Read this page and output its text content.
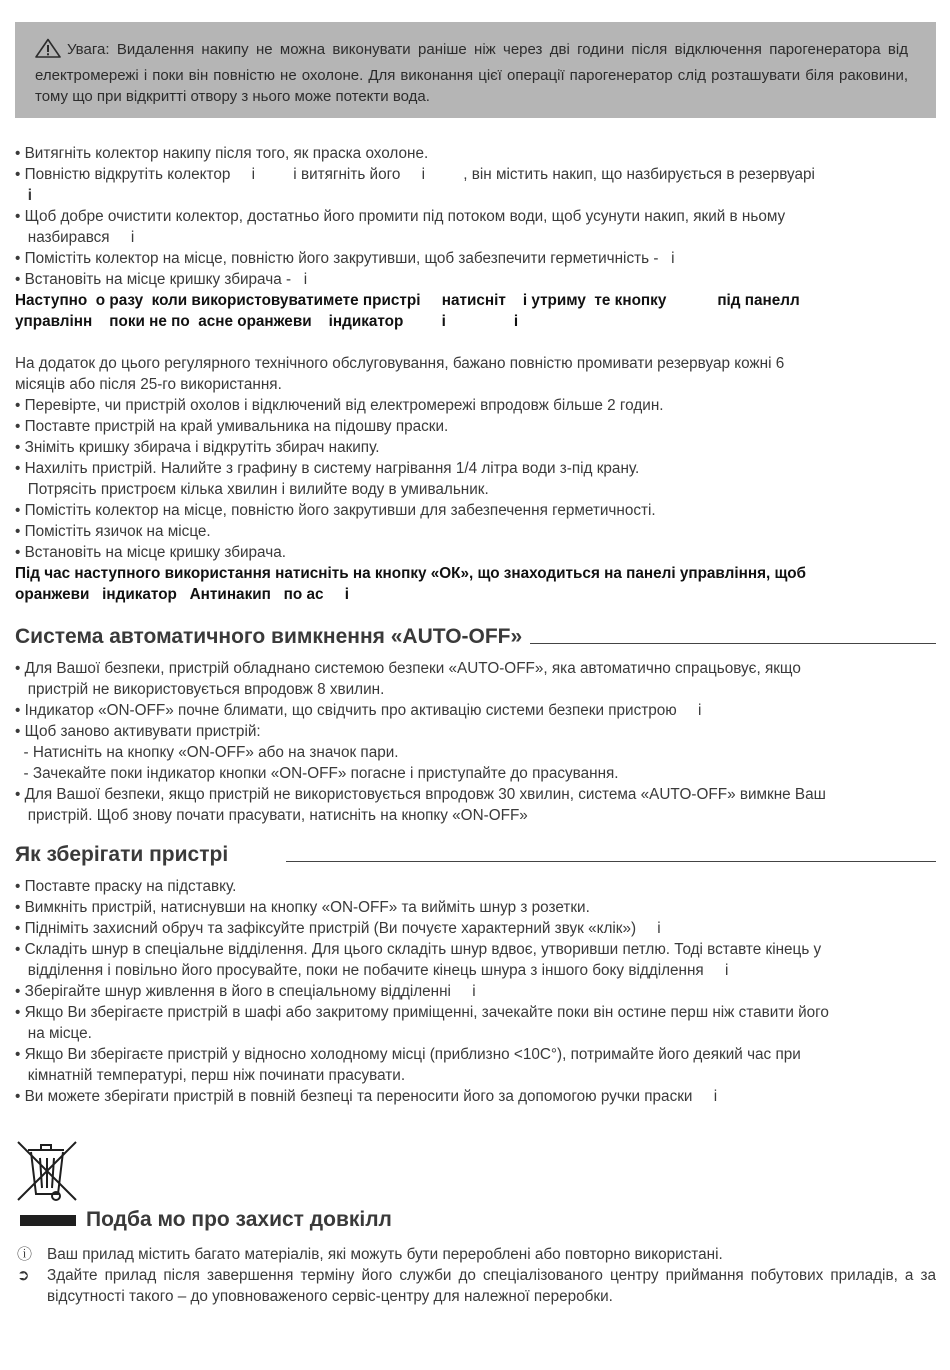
Увага: Видалення накипу не можна виконувати раніше ніж через дві години після відключення парогенератора від електромережі і поки він повністю не охолоне. Для виконання цієї операції парогенератор слід розташувати біля раковини, тому що при відкритті отвору з нього може потекти вода.
• Витягніть колектор накипу після того, як праска охолоне.
• Повністю відкрутіть колектор     і         і витягніть його     і         , він містить накип, що назбирується в резервуарі
і
• Щоб добре очистити колектор, достатньо його промити під потоком води, щоб усунути накип, який в ньому
назбирався     і
• Помістіть колектор на місце, повністю його закрутивши, щоб забезпечити герметичність -   і
• Встановіть на місце кришку збирача -   і
Наступно  о разу  коли використовуватимете пристрі     натисніт    і утриму  те кнопку            під панелл
управлінн    поки не по  асне оранжеви    індикатор         і                і
На додаток до цього регулярного технічного обслуговування, бажано повністю промивати резервуар кожні 6
місяців або після 25-го використання.
• Перевірте, чи пристрій охолов і відключений від електромережі впродовж більше 2 годин.
• Поставте пристрій на край умивальника на підошву праски.
• Зніміть кришку збирача і відкрутіть збирач накипу.
• Нахиліть пристрій. Налийте з графину в систему нагрівання 1/4 літра води з-під крану.
Потрясіть пристроєм кілька хвилин і вилийте воду в умивальник.
• Помістіть колектор на місце, повністю його закрутивши для забезпечення герметичності.
• Помістіть язичок на місце.
• Встановіть на місце кришку збирача.
Під час наступного використання натисніть на кнопку «ОК», що знаходиться на панелі управління, щоб
оранжеви   індикатор   Антинакип   по ас     і
Система автоматичного вимкнення «AUTO-OFF»
• Для Вашої безпеки, пристрій обладнано системою безпеки «AUTO-OFF», яка автоматично спрацьовує, якщо
пристрій не використовується впродовж 8 хвилин.
• Індикатор «ON-OFF» почне блимати, що свідчить про активацію системи безпеки пристрою     і
• Щоб заново активувати пристрій:
- Натисніть на кнопку «ON-OFF» або на значок пари.
- Зачекайте поки індикатор кнопки «ON-OFF» погасне і приступайте до прасування.
• Для Вашої безпеки, якщо пристрій не використовується впродовж 30 хвилин, система «AUTO-OFF» вимкне Ваш
пристрій. Щоб знову почати прасувати, натисніть на кнопку «ON-OFF»
Як зберігати пристрі
• Поставте праску на підставку.
• Вимкніть пристрій, натиснувши на кнопку «ON-OFF» та вийміть шнур з розетки.
• Підніміть захисний обруч та зафіксуйте пристрій (Ви почуєте характерний звук «клік»)     і
• Складіть шнур в спеціальне відділення. Для цього складіть шнур вдвоє, утворивши петлю. Тоді вставте кінець у
відділення і повільно його просувайте, поки не побачите кінець шнура з іншого боку відділення     і
• Зберігайте шнур живлення в його в спеціальному відділенні     і
• Якщо Ви зберігаєте пристрій в шафі або закритому приміщенні, зачекайте поки він остине перш ніж ставити його
на місце.
• Якщо Ви зберігаєте пристрій у відносно холодному місці (приблизно <10С°), потримайте його деякий час при
кімнатній температурі, перш ніж починати прасувати.
• Ви можете зберігати пристрій в повній безпеці та переносити його за допомогою ручки праски     і
Подба мо про захист довкілл
ⓘ Ваш прилад містить багато матеріалів, які можуть бути перероблені або повторно використані.
➲ Здайте прилад після завершення терміну його служби до спеціалізованого центру приймання побутових приладів, а за відсутності такого – до уповноваженого сервіс-центру для належної переробки.
